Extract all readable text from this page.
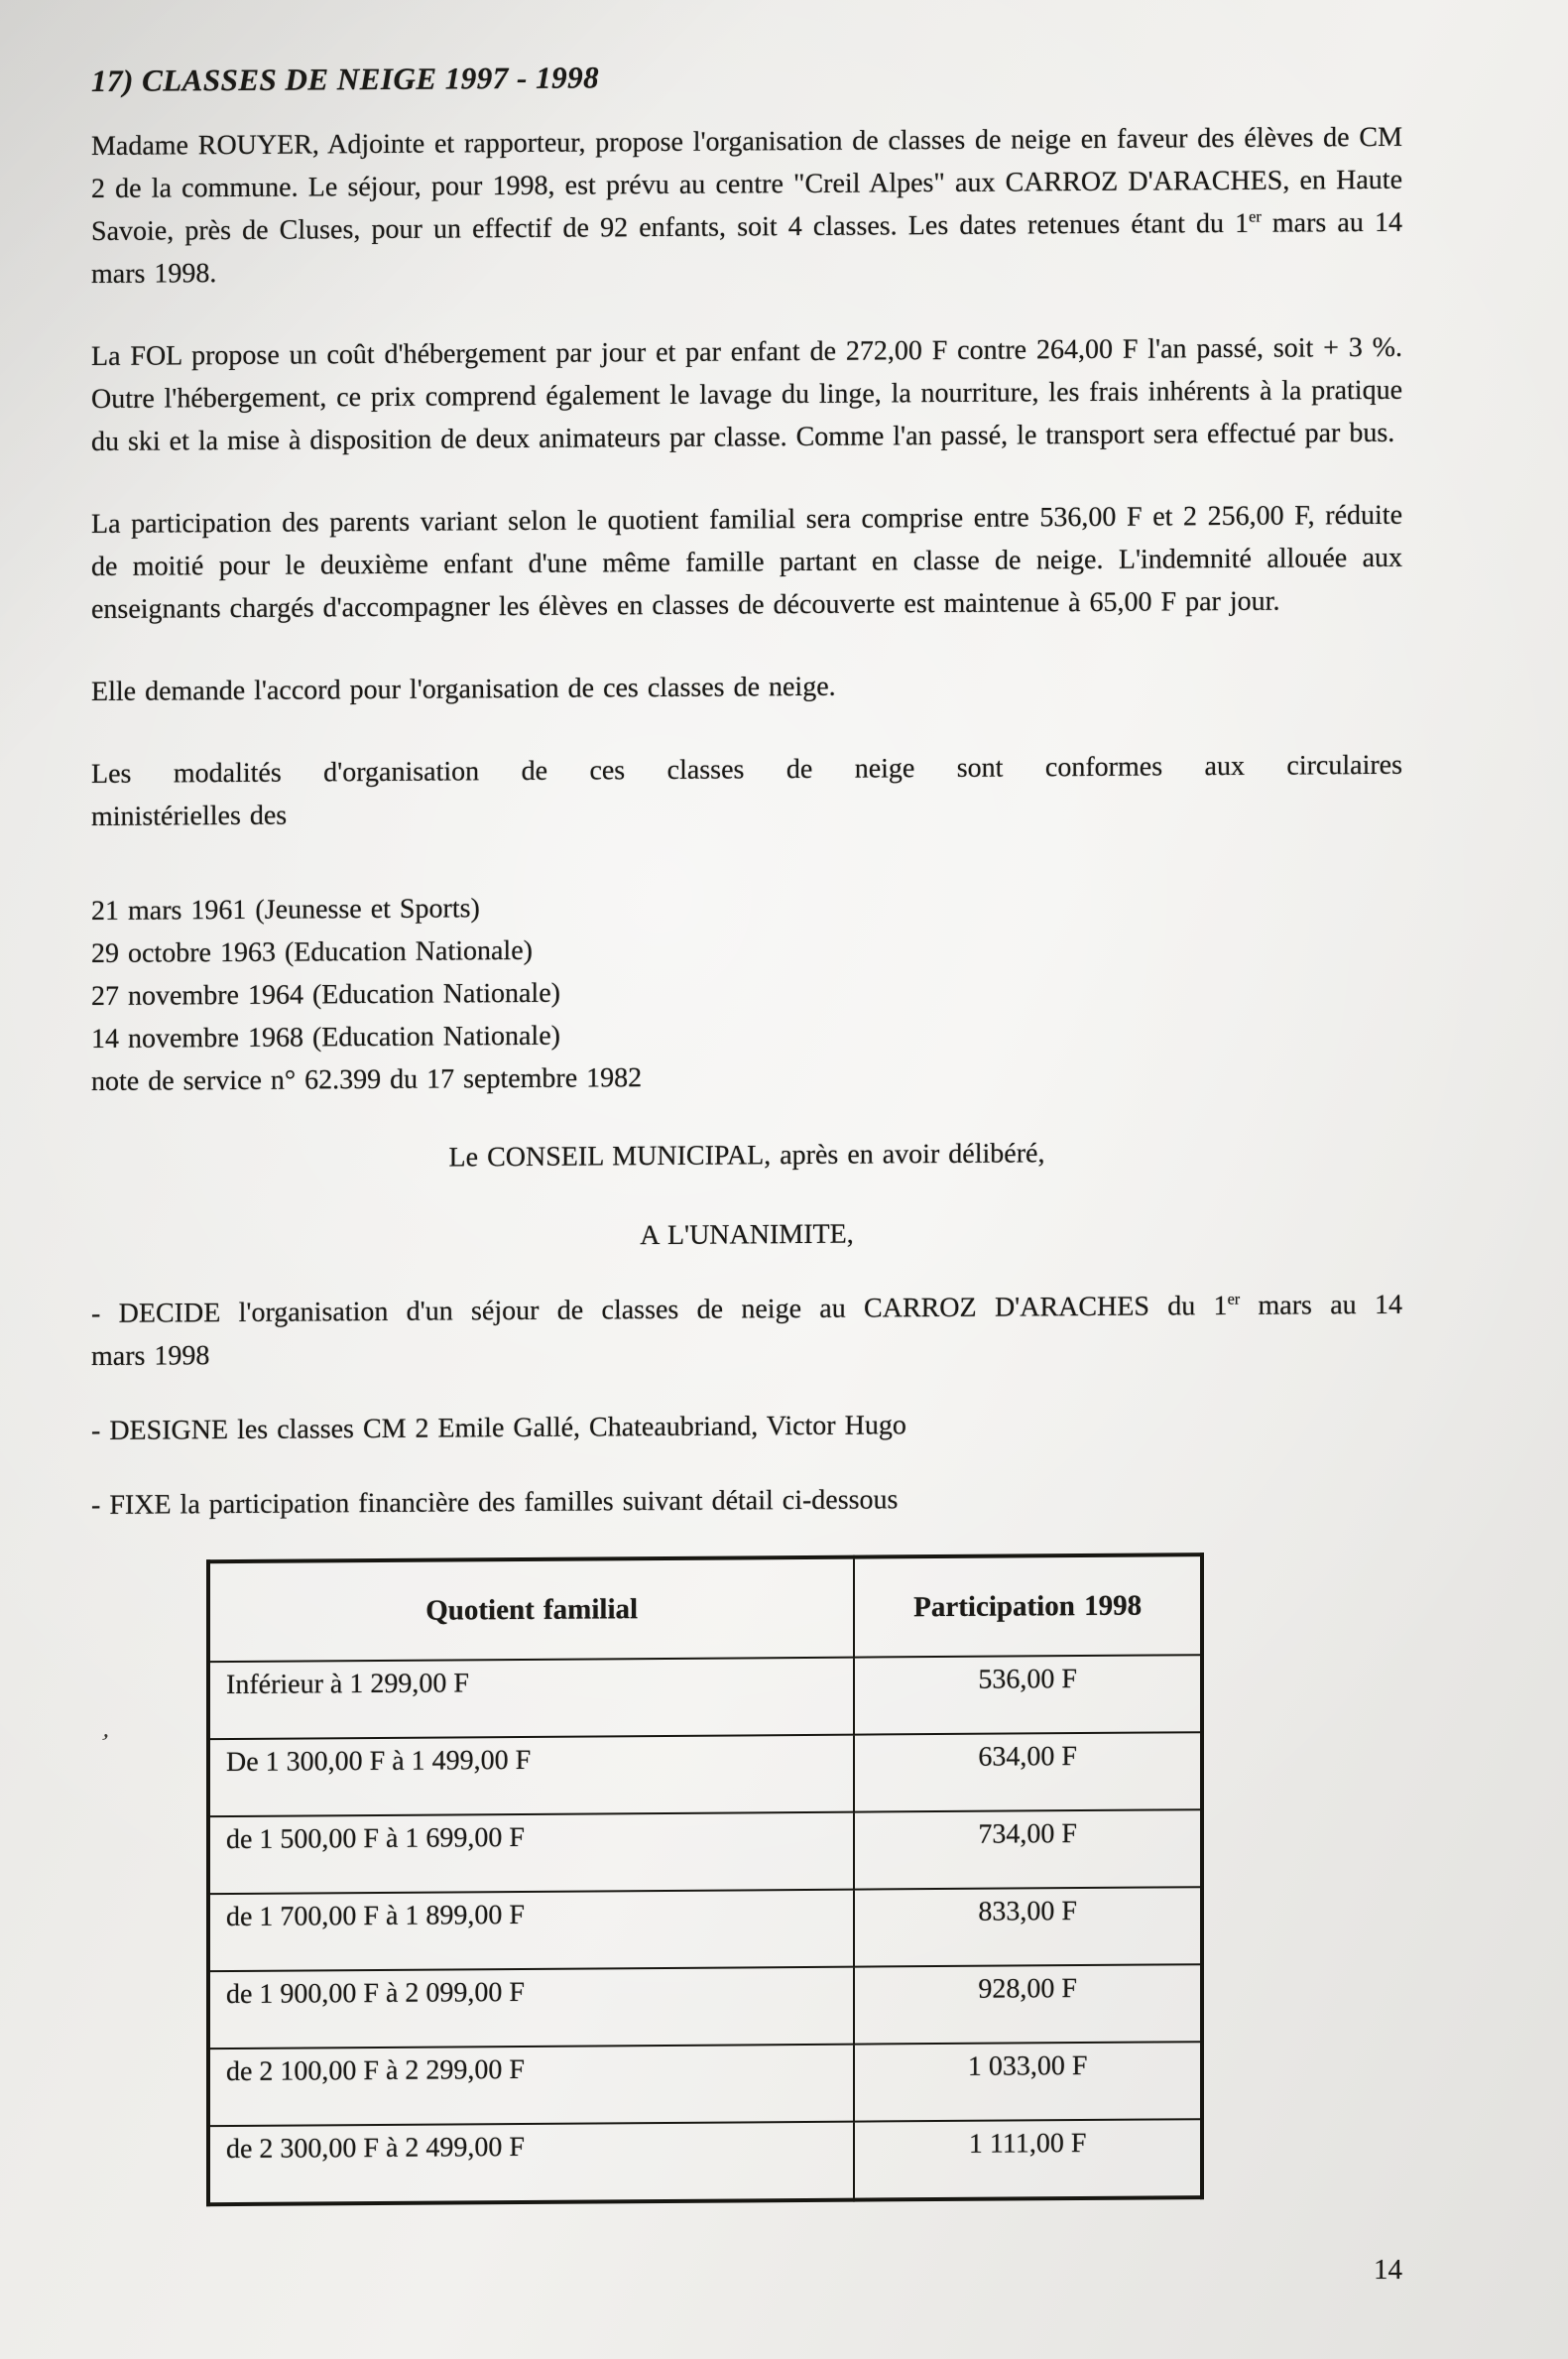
17) CLASSES DE NEIGE 1997 - 1998

Madame ROUYER, Adjointe et rapporteur, propose l'organisation de classes de neige en faveur des élèves de CM 2 de la commune. Le séjour, pour 1998, est prévu au centre "Creil Alpes" aux CARROZ D'ARACHES, en Haute Savoie, près de Cluses, pour un effectif de 92 enfants, soit 4 classes. Les dates retenues étant du 1er mars au 14 mars 1998.

La FOL propose un coût d'hébergement par jour et par enfant de 272,00 F contre 264,00 F l'an passé, soit + 3 %. Outre l'hébergement, ce prix comprend également le lavage du linge, la nourriture, les frais inhérents à la pratique du ski et la mise à disposition de deux animateurs par classe. Comme l'an passé, le transport sera effectué par bus.

La participation des parents variant selon le quotient familial sera comprise entre 536,00 F et 2 256,00 F, réduite de moitié pour le deuxième enfant d'une même famille partant en classe de neige. L'indemnité allouée aux enseignants chargés d'accompagner les élèves en classes de découverte est maintenue à 65,00 F par jour.

Elle demande l'accord pour l'organisation de ces classes de neige.

Les modalités d'organisation de ces classes de neige sont conformes aux circulaires
ministérielles des
21 mars 1961 (Jeunesse et Sports)
29 octobre 1963 (Education Nationale)
27 novembre 1964 (Education Nationale)
14 novembre 1968 (Education Nationale)
note de service n° 62.399 du 17 septembre 1982
Le CONSEIL MUNICIPAL, après en avoir délibéré,
A L'UNANIMITE,
- DECIDE l'organisation d'un séjour de classes de neige au CARROZ D'ARACHES du 1er mars au 14
mars 1998

- DESIGNE les classes CM 2 Emile Gallé, Chateaubriand, Victor Hugo

- FIXE la participation financière des familles suivant détail ci-dessous

Quotient familial	Participation 1998
Inférieur à 1 299,00 F	536,00 F
De 1 300,00 F à 1 499,00 F	634,00 F
de 1 500,00 F à 1 699,00 F	734,00 F
de 1 700,00 F à 1 899,00 F	833,00 F
de 1 900,00 F à 2 099,00 F	928,00 F
de 2 100,00 F à 2 299,00 F	1 033,00 F
de 2 300,00 F à 2 499,00 F	1 111,00 F
’
14
